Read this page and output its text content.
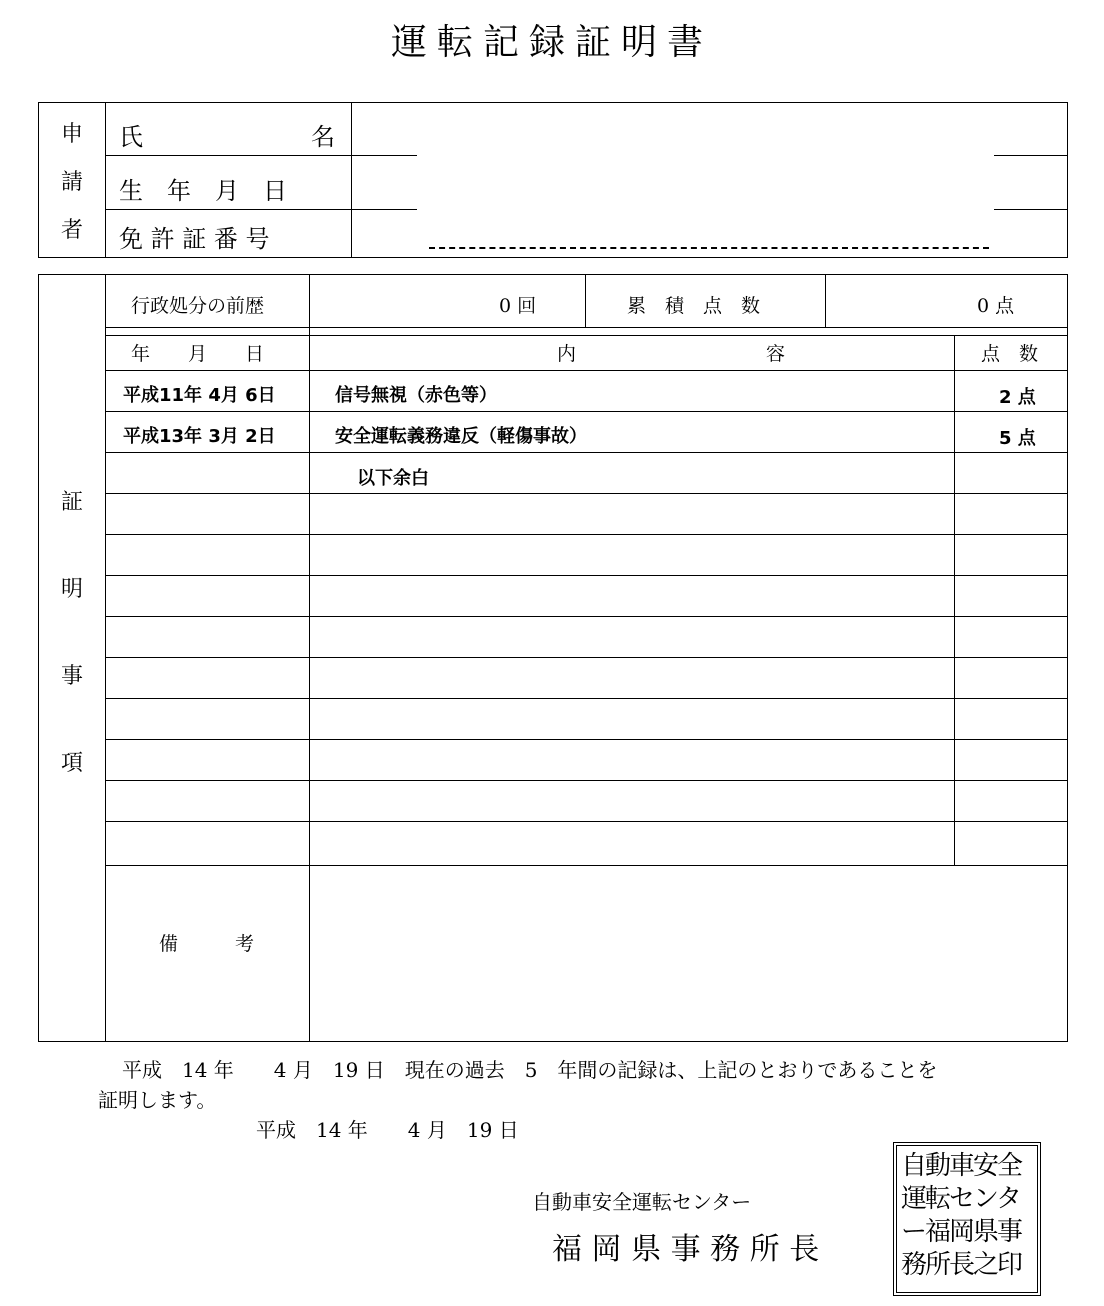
運転記録証明書
申
請
者
氏　　　　　　　名
生　年　月　日
免 許 証 番 号
証
明
事
項
行政処分の前歴	0 回	累　積　点　数	0 点
年　　月　　日	内　　　　　　　　　　容	点　数
平成11年 4月 6日	信号無視（赤色等）	2 点
平成13年 3月 2日	安全運転義務違反（軽傷事故）	5 点
以下余白
備　　　考
平成　14 年　　4 月　19 日　現在の過去　5　年間の記録は、上記のとおりであることを
証明します。
平成　14 年　　4 月　19 日
自動車安全運転センター
福 岡 県 事 務 所 長
自動車安全運転センター福岡県事務所長之印
